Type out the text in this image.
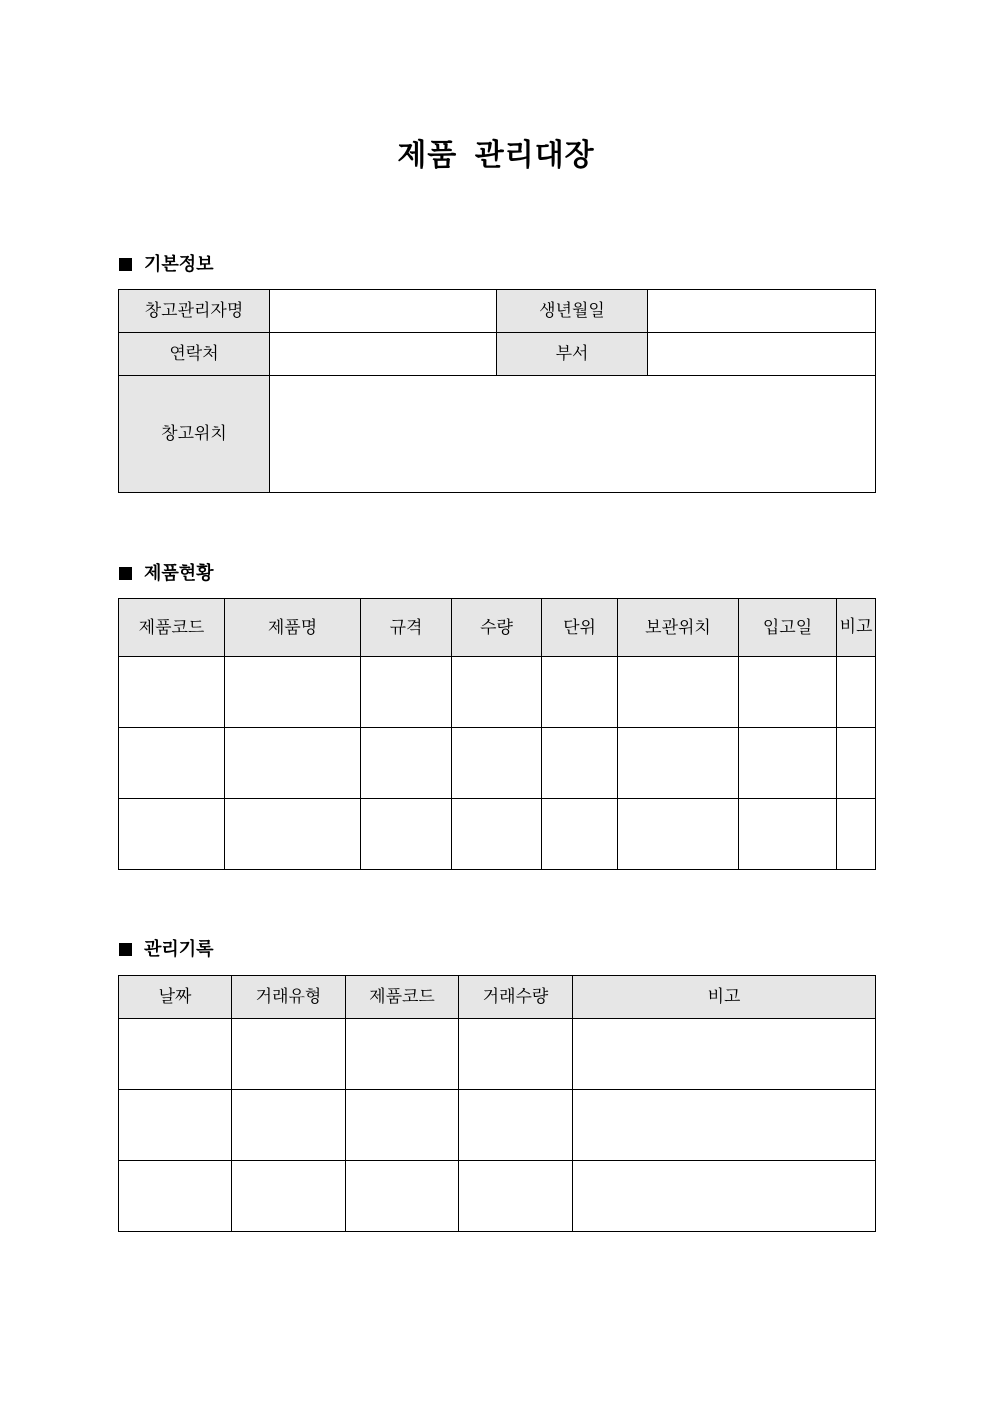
제품 관리대장
기본정보
창고관리자명		생년월일	
연락처		부서	
창고위치			
제품현황
제품코드	제품명	규격	수량	단위	보관위치	입고일	비고

관리기록
날짜	거래유형	제품코드	거래수량	비고
